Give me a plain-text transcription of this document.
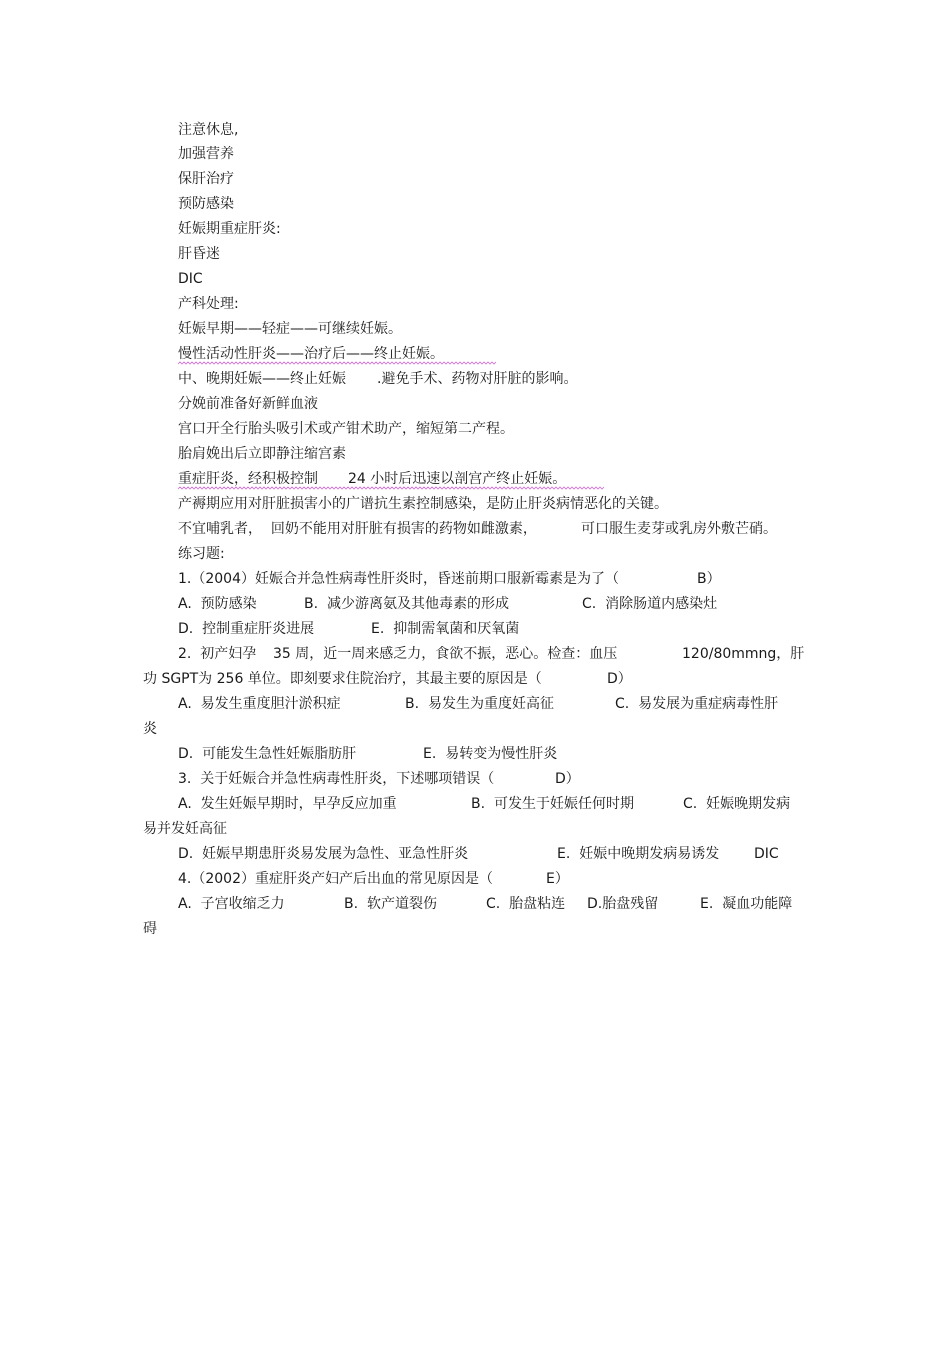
注意休息,
加强营养
保肝治疗
预防感染
妊娠期重症肝炎:
肝昏迷
DIC
产科处理:
妊娠早期——轻症——可继续妊娠。
慢性活动性肝炎——治疗后——终止妊娠。
中、晚期妊娠——终止妊娠 .避免手术、药物对肝脏的影响。
分娩前准备好新鲜血液
宫口开全行胎头吸引术或产钳术助产，缩短第二产程。
胎肩娩出后立即静注缩宫素
重症肝炎，经积极控制 24 小时后迅速以剖宫产终止妊娠。
产褥期应用对肝脏损害小的广谱抗生素控制感染，是防止肝炎病情恶化的关键。
不宜哺乳者，  回奶不能用对肝脏有损害的药物如雌激素，	可口服生麦芽或乳房外敷芒硝。
练习题:
1.（2004）妊娠合并急性病毒性肝炎时，昏迷前期口服新霉素是为了（	B）
A.  预防感染	B.  减少游离氨及其他毒素的形成	C.  消除肠道内感染灶
D.  控制重症肝炎进展	E.  抑制需氧菌和厌氧菌
2.  初产妇孕 35 周，近一周来感乏力，食欲不振，恶心。检查：血压	120/80mmng，肝
功 SGPT为 256 单位。即刻要求住院治疗，其最主要的原因是（	D）
A.  易发生重度胆汁淤积症	B.  易发生为重度妊高征	C.  易发展为重症病毒性肝
炎
D.  可能发生急性妊娠脂肪肝	E.  易转变为慢性肝炎
3.  关于妊娠合并急性病毒性肝炎，下述哪项错误（	D）
A.  发生妊娠早期时，早孕反应加重	B.  可发生于妊娠任何时期	C.  妊娠晚期发病
易并发妊高征
D.  妊娠早期患肝炎易发展为急性、亚急性肝炎	E.  妊娠中晚期发病易诱发 DIC
4.（2002）重症肝炎产妇产后出血的常见原因是（	E）
A.  子宫收缩乏力	B.  软产道裂伤	C.  胎盘粘连 D.胎盘残留	E.  凝血功能障
碍
